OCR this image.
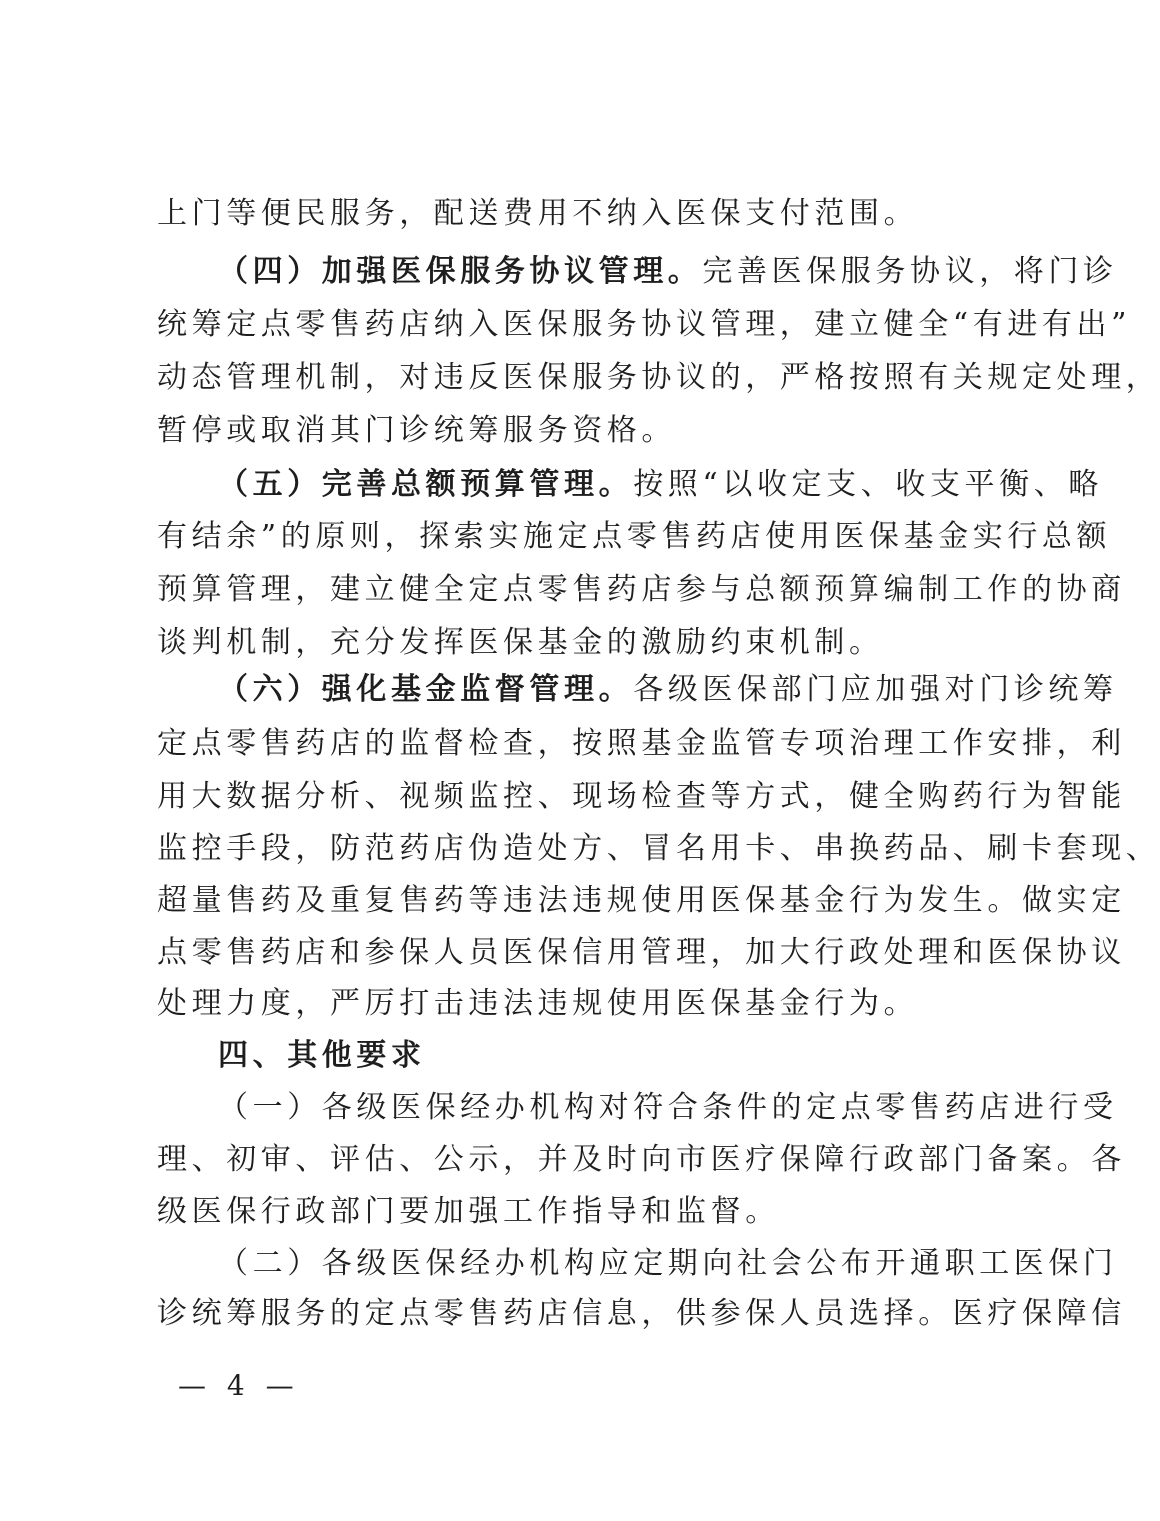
上门等便民服务，配送费用不纳入医保支付范围。
（四）加强医保服务协议管理。完善医保服务协议，将门诊
统筹定点零售药店纳入医保服务协议管理，建立健全“有进有出”
动态管理机制，对违反医保服务协议的，严格按照有关规定处理，
暂停或取消其门诊统筹服务资格。
（五）完善总额预算管理。按照“以收定支、收支平衡、略
有结余”的原则，探索实施定点零售药店使用医保基金实行总额
预算管理，建立健全定点零售药店参与总额预算编制工作的协商
谈判机制，充分发挥医保基金的激励约束机制。
（六）强化基金监督管理。各级医保部门应加强对门诊统筹
定点零售药店的监督检查，按照基金监管专项治理工作安排，利
用大数据分析、视频监控、现场检查等方式，健全购药行为智能
监控手段，防范药店伪造处方、冒名用卡、串换药品、刷卡套现、
超量售药及重复售药等违法违规使用医保基金行为发生。做实定
点零售药店和参保人员医保信用管理，加大行政处理和医保协议
处理力度，严厉打击违法违规使用医保基金行为。
四、其他要求
（一）各级医保经办机构对符合条件的定点零售药店进行受
理、初审、评估、公示，并及时向市医疗保障行政部门备案。各
级医保行政部门要加强工作指导和监督。
（二）各级医保经办机构应定期向社会公布开通职工医保门
诊统筹服务的定点零售药店信息，供参保人员选择。医疗保障信
— 4 —
